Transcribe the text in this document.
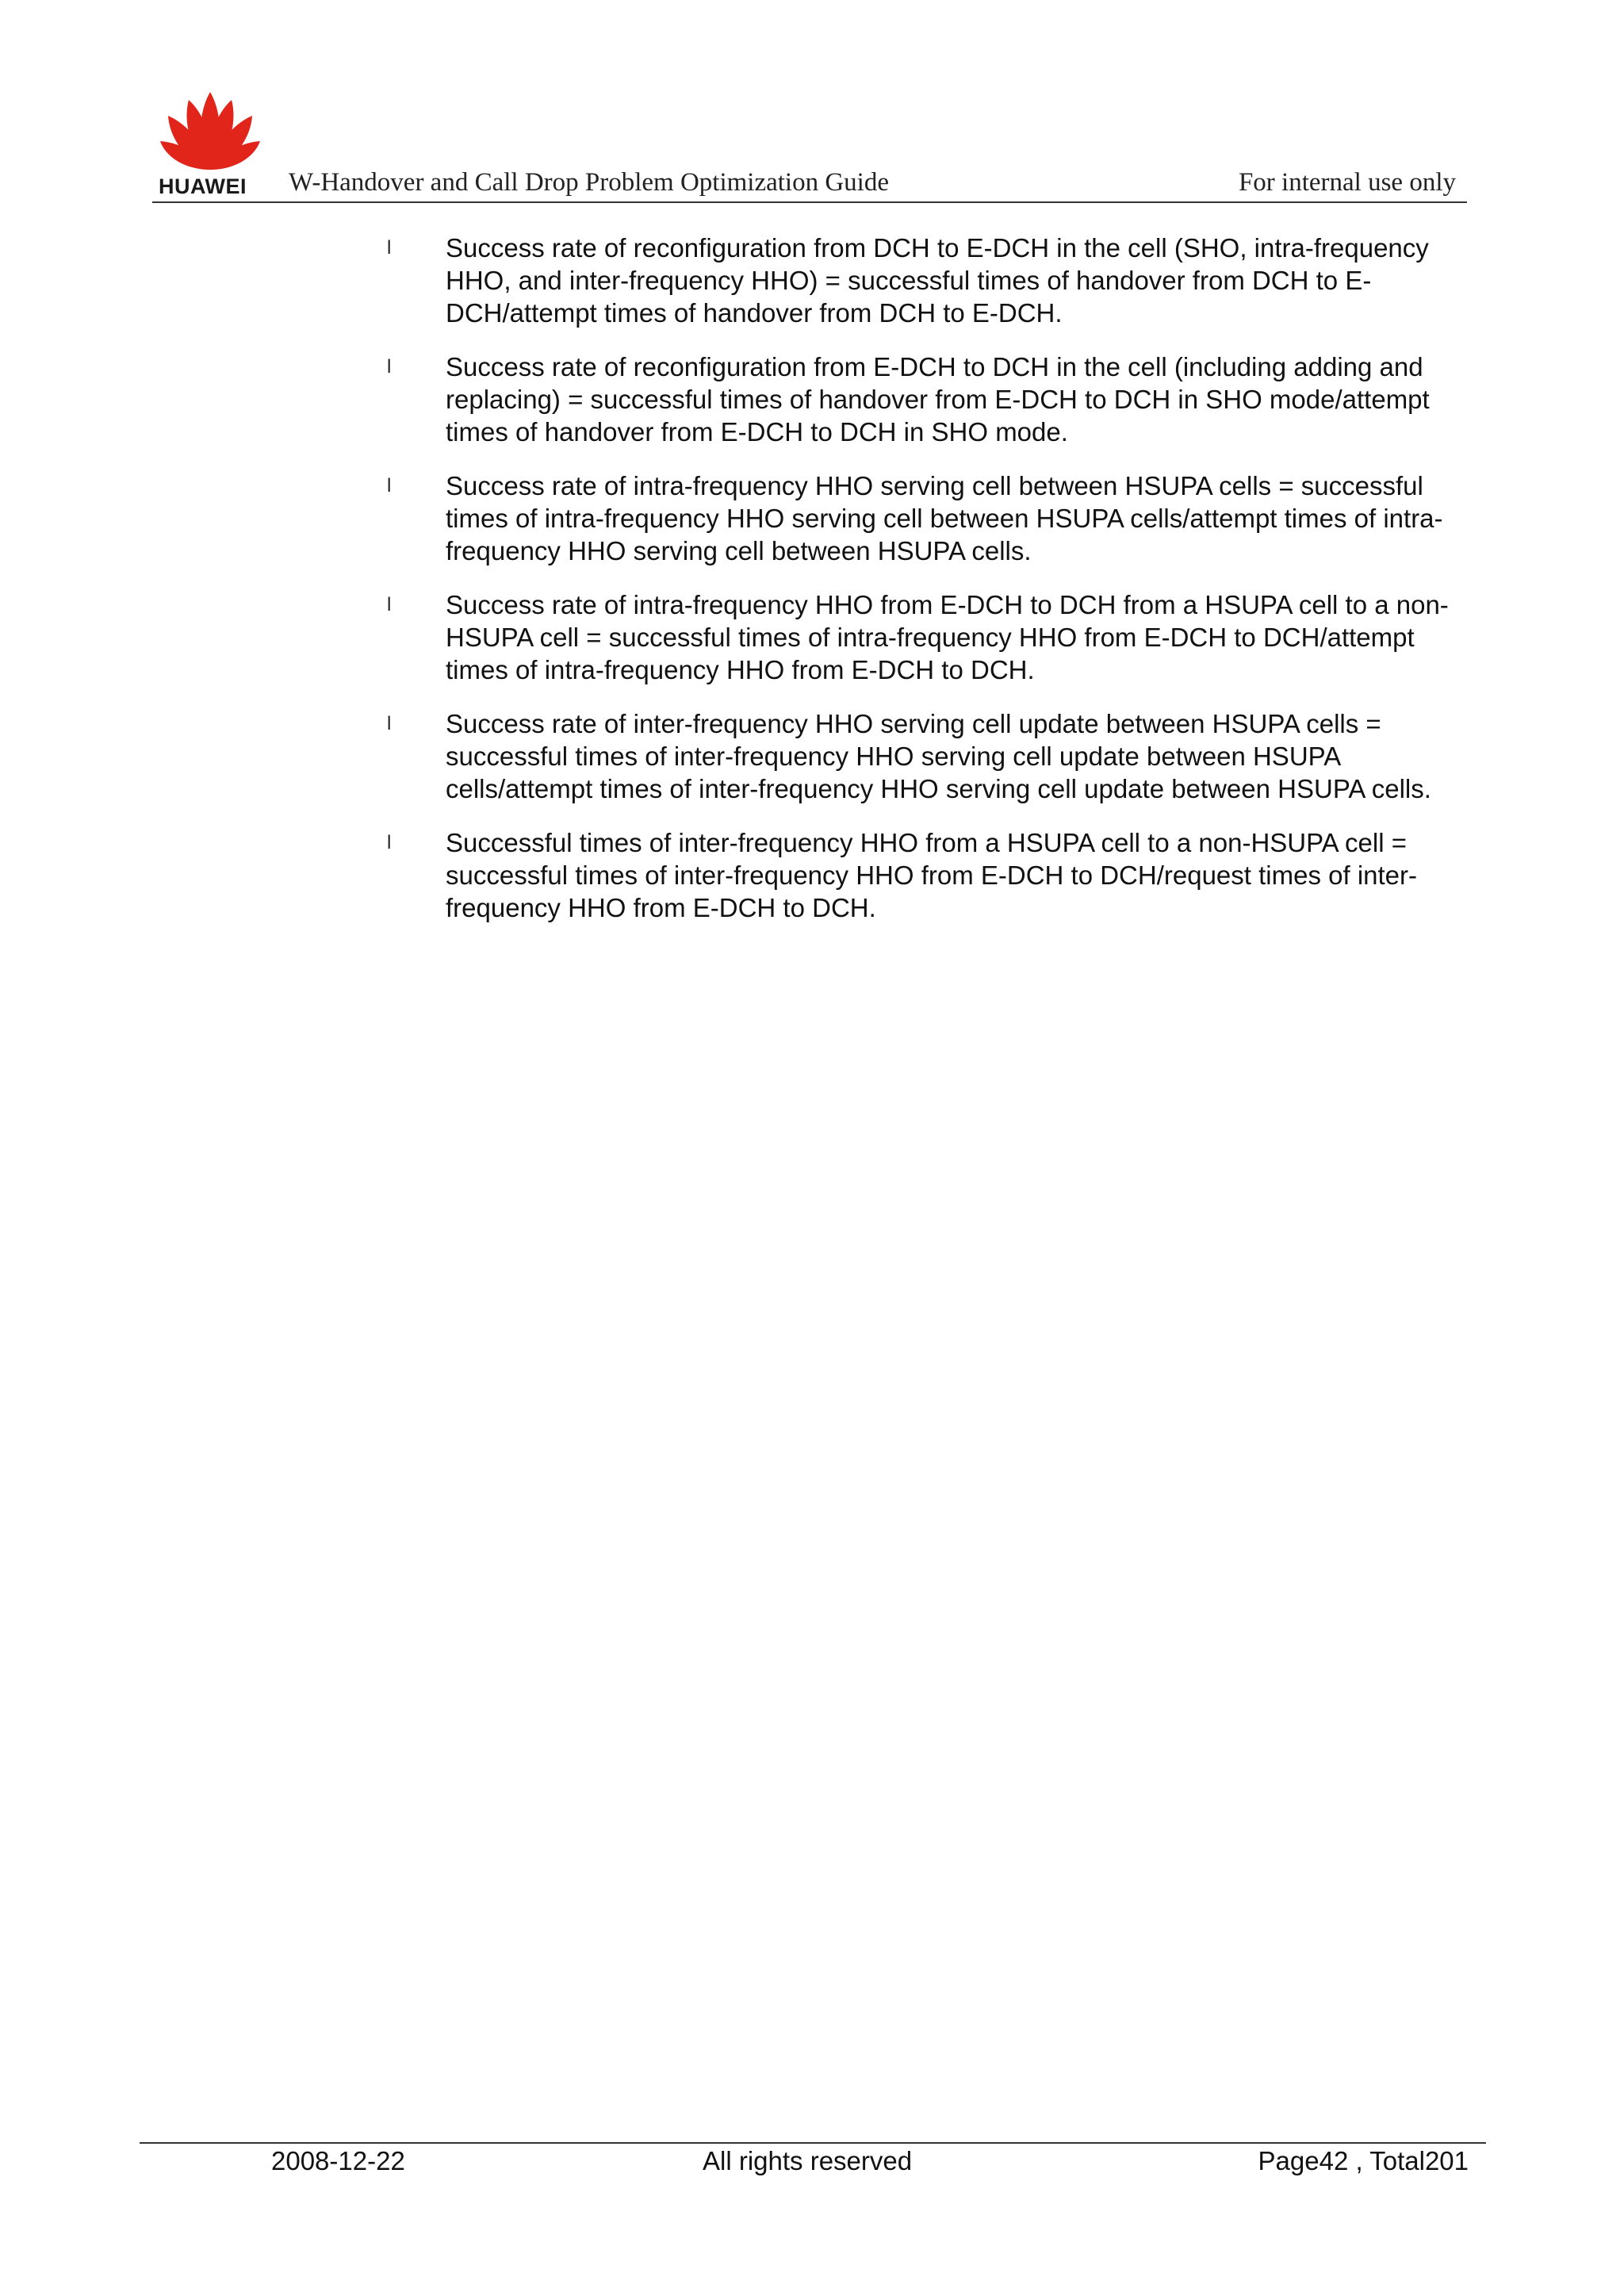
HUAWEI W-Handover and Call Drop Problem Optimization Guide	For internal use only
l Success rate of reconfiguration from DCH to E-DCH in the cell (SHO, intra-frequency HHO, and inter-frequency HHO) = successful times of handover from DCH to E-DCH/attempt times of handover from DCH to E-DCH.
l Success rate of reconfiguration from E-DCH to DCH in the cell (including adding and replacing) = successful times of handover from E-DCH to DCH in SHO mode/attempt times of handover from E-DCH to DCH in SHO mode.
l Success rate of intra-frequency HHO serving cell between HSUPA cells = successful times of intra-frequency HHO serving cell between HSUPA cells/attempt times of intra-frequency HHO serving cell between HSUPA cells.
l Success rate of intra-frequency HHO from E-DCH to DCH from a HSUPA cell to a non-HSUPA cell = successful times of intra-frequency HHO from E-DCH to DCH/attempt times of intra-frequency HHO from E-DCH to DCH.
l Success rate of inter-frequency HHO serving cell update between HSUPA cells = successful times of inter-frequency HHO serving cell update between HSUPA cells/attempt times of inter-frequency HHO serving cell update between HSUPA cells.
l Successful times of inter-frequency HHO from a HSUPA cell to a non-HSUPA cell = successful times of inter-frequency HHO from E-DCH to DCH/request times of inter-frequency HHO from E-DCH to DCH.
2008-12-22	All rights reserved	Page42 , Total201
